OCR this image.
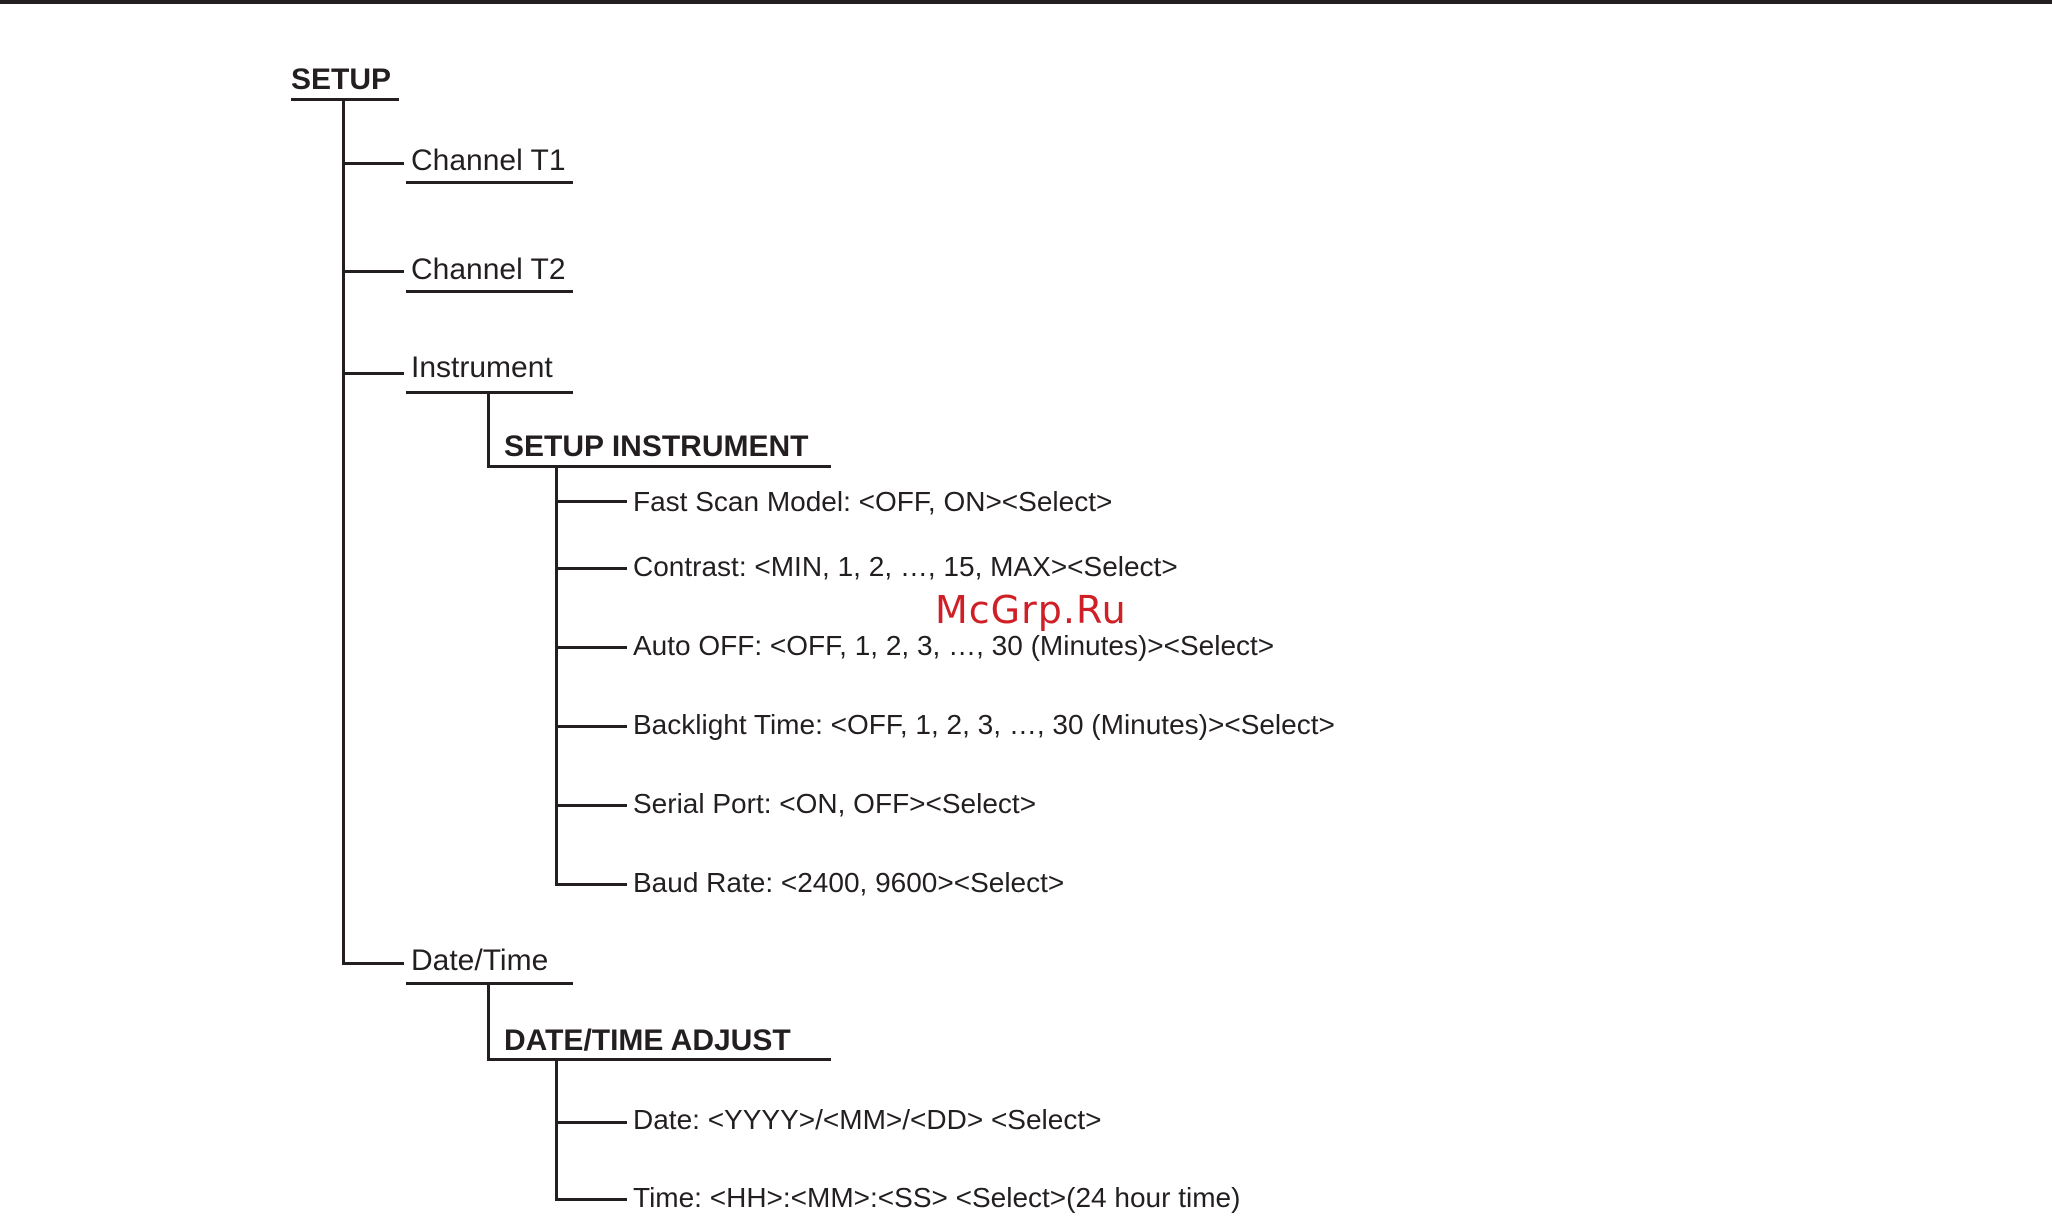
SETUP
Channel T1
Channel T2
Instrument
SETUP INSTRUMENT
Fast Scan Model: <OFF, ON><Select>
Contrast: <MIN, 1, 2, …, 15, MAX><Select>
Auto OFF: <OFF, 1, 2, 3, …, 30 (Minutes)><Select>
Backlight Time: <OFF, 1, 2, 3, …, 30 (Minutes)><Select>
Serial Port: <ON, OFF><Select>
Baud Rate: <2400, 9600><Select>
Date/Time
DATE/TIME ADJUST
Date: <YYYY>/<MM>/<DD> <Select>
Time: <HH>:<MM>:<SS> <Select>(24 hour time)
McGrp.Ru
